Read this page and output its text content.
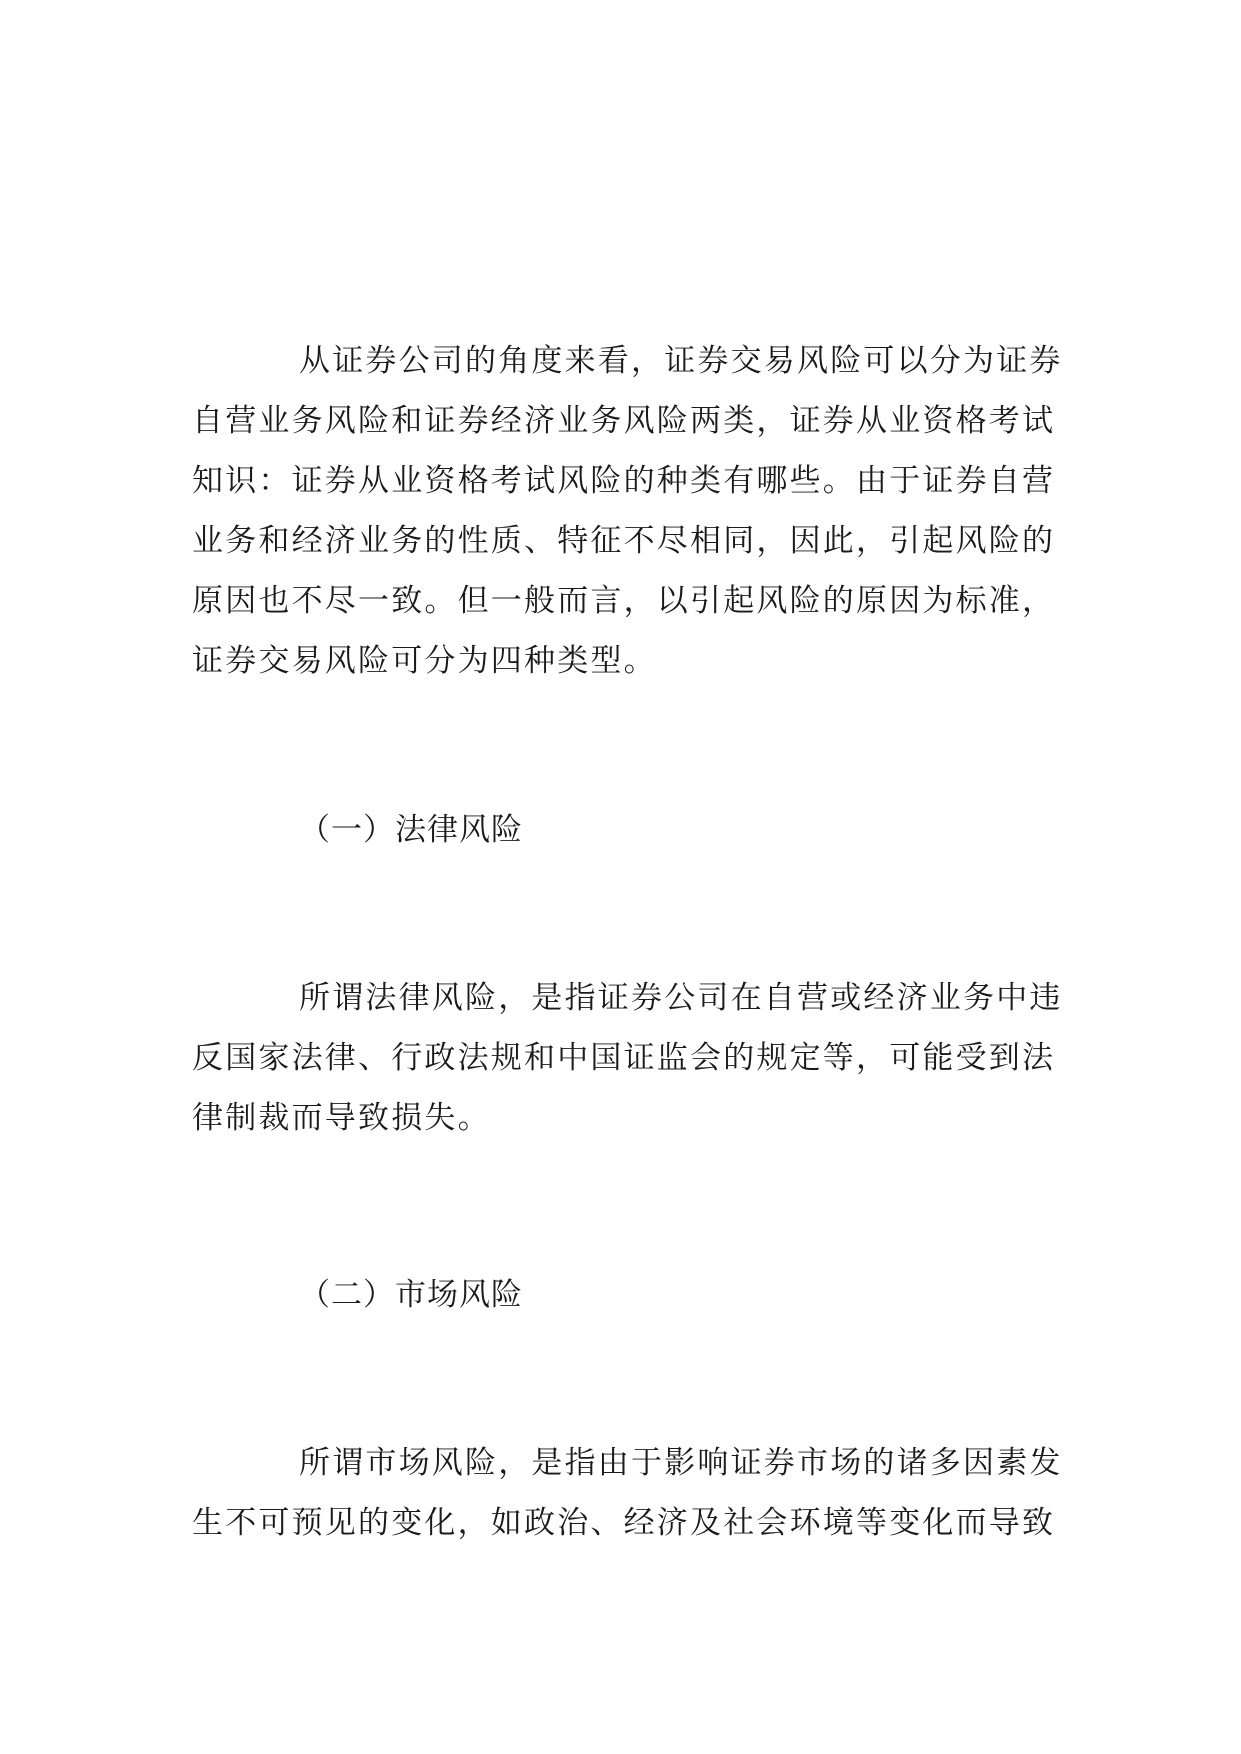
从证券公司的角度来看，证券交易风险可以分为证券
自营业务风险和证券经济业务风险两类，证券从业资格考试
知识：证券从业资格考试风险的种类有哪些。由于证券自营
业务和经济业务的性质、特征不尽相同，因此，引起风险的
原因也不尽一致。但一般而言，以引起风险的原因为标准，
证券交易风险可分为四种类型。
（一）法律风险
所谓法律风险，是指证券公司在自营或经济业务中违
反国家法律、行政法规和中国证监会的规定等，可能受到法
律制裁而导致损失。
（二）市场风险
所谓市场风险，是指由于影响证券市场的诸多因素发
生不可预见的变化，如政治、经济及社会环境等变化而导致
